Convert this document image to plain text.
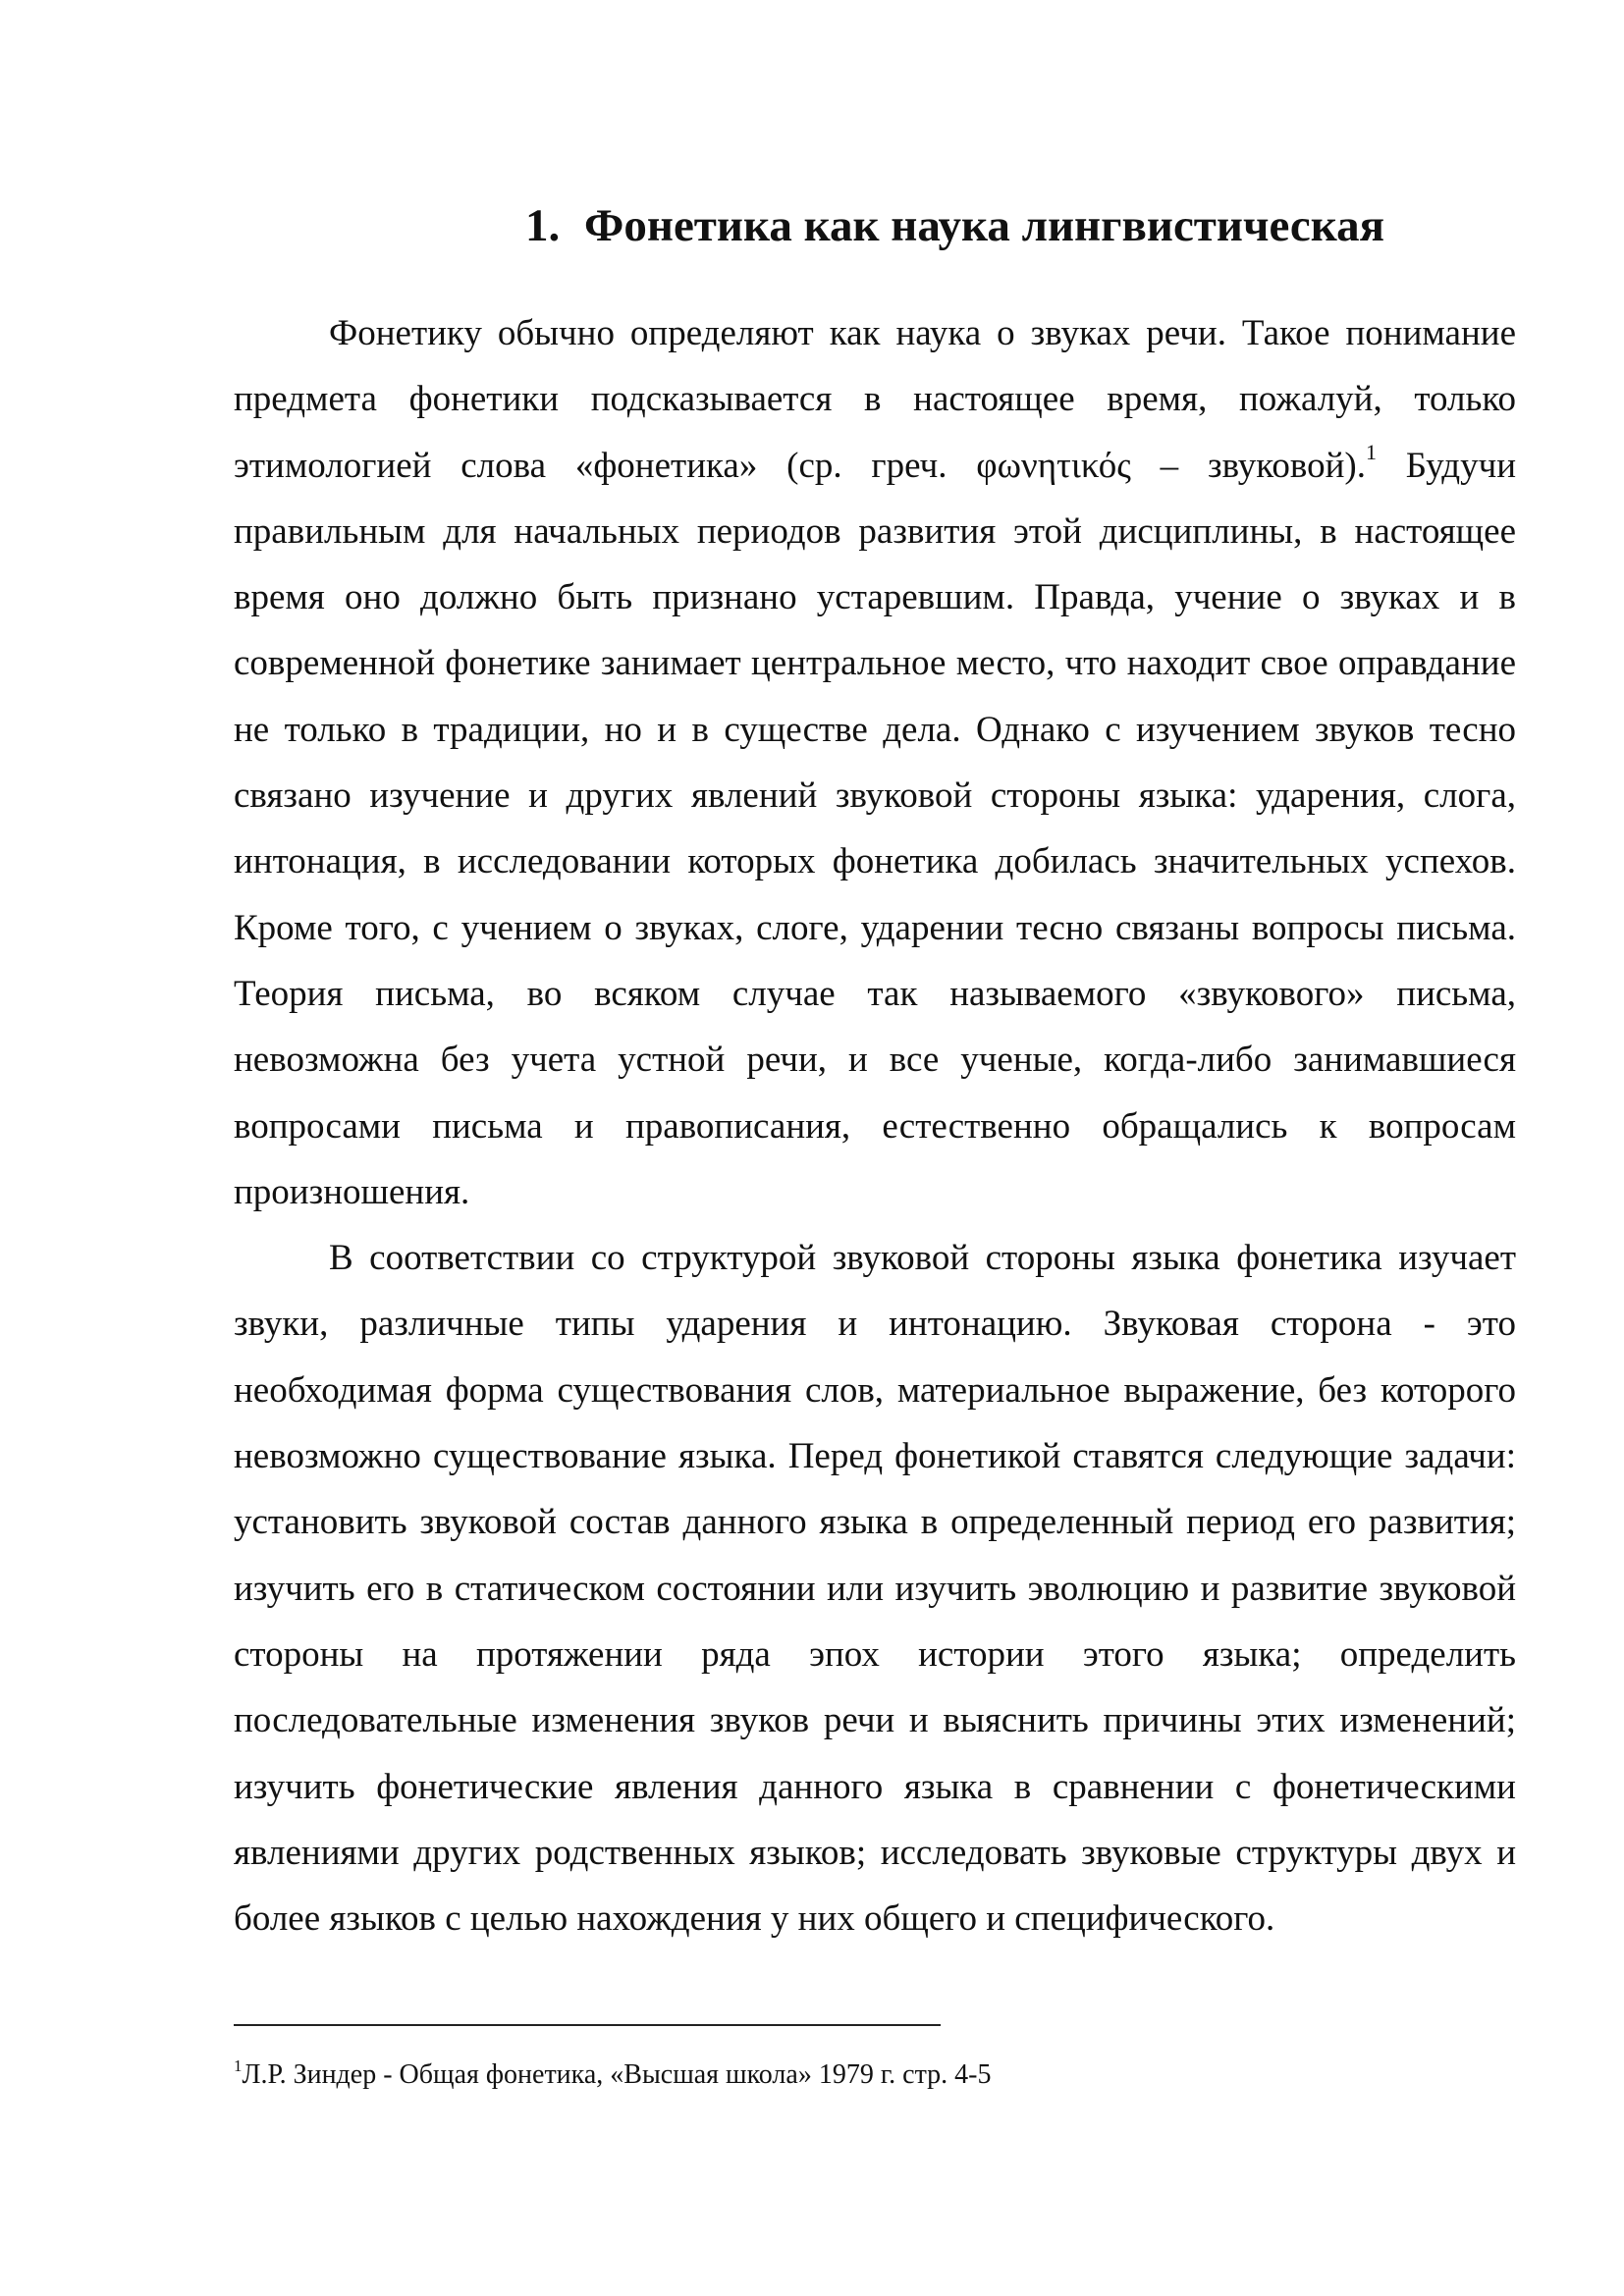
1. Фонетика как наука лингвистическая

Фонетику обычно определяют как наука о звуках речи. Такое понимание предмета фонетики подсказывается в настоящее время, пожалуй, только этимологией слова «фонетика» (ср. греч. φωνητικός – звуковой).$^1$ Будучи правильным для начальных периодов развития этой дисциплины, в настоящее время оно должно быть признано устаревшим. Правда, учение о звуках и в современной фонетике занимает центральное место, что находит свое оправдание не только в традиции, но и в существе дела. Однако с изучением звуков тесно связано изучение и других явлений звуковой стороны языка: ударения, слога, интонация, в исследовании которых фонетика добилась значительных успехов. Кроме того, с учением о звуках, слоге, ударении тесно связаны вопросы письма. Теория письма, во всяком случае так называемого «звукового» письма, невозможна без учета устной речи, и все ученые, когда-либо занимавшиеся вопросами письма и правописания, естественно обращались к вопросам произношения.

В соответствии со структурой звуковой стороны языка фонетика изучает звуки, различные типы ударения и интонацию. Звуковая сторона - это необходимая форма существования слов, материальное выражение, без которого невозможно существование языка. Перед фонетикой ставятся следующие задачи: установить звуковой состав данного языка в определенный период его развития; изучить его в статическом состоянии или изучить эволюцию и развитие звуковой стороны на протяжении ряда эпох истории этого языка; определить последовательные изменения звуков речи и выяснить причины этих изменений; изучить фонетические явления данного языка в сравнении с фонетическими явлениями других родственных языков; исследовать звуковые структуры двух и более языков с целью нахождения у них общего и специфического.

$^1$Л.Р. Зиндер - Общая фонетика, «Высшая школа» 1979 г. стр. 4-5
